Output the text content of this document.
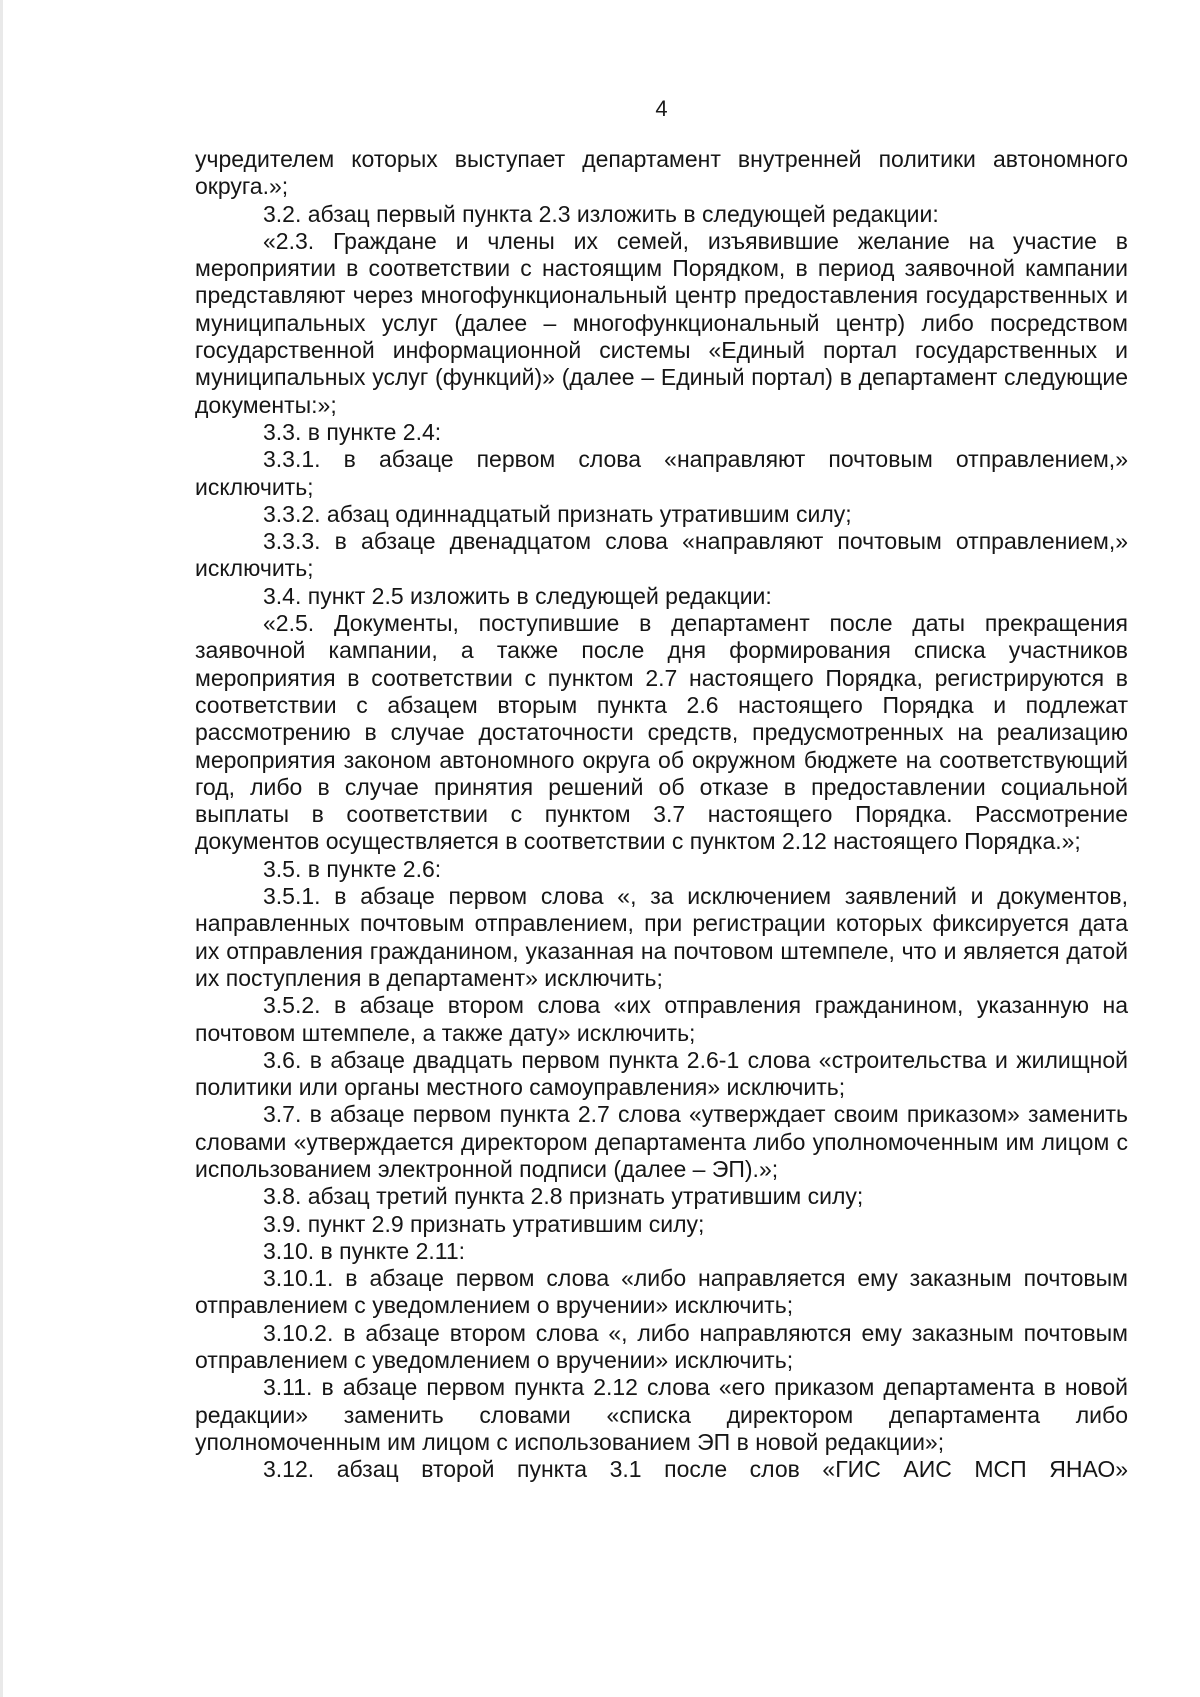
4

учредителем которых выступает департамент внутренней политики автономного округа.»;

3.2. абзац первый пункта 2.3 изложить в следующей редакции:

«2.3. Граждане и члены их семей, изъявившие желание на участие в мероприятии в соответствии с настоящим Порядком, в период заявочной кампании представляют через многофункциональный центр предоставления государственных и муниципальных услуг (далее – многофункциональный центр) либо посредством государственной информационной системы «Единый портал государственных и муниципальных услуг (функций)» (далее – Единый портал) в департамент следующие документы:»;

3.3. в пункте 2.4:

3.3.1. в абзаце первом слова «направляют почтовым отправлением,» исключить;

3.3.2. абзац одиннадцатый признать утратившим силу;

3.3.3. в абзаце двенадцатом слова «направляют почтовым отправлением,» исключить;

3.4. пункт 2.5 изложить в следующей редакции:

«2.5. Документы, поступившие в департамент после даты прекращения заявочной кампании, а также после дня формирования списка участников мероприятия в соответствии с пунктом 2.7 настоящего Порядка, регистрируются в соответствии с абзацем вторым пункта 2.6 настоящего Порядка и подлежат рассмотрению в случае достаточности средств, предусмотренных на реализацию мероприятия законом автономного округа об окружном бюджете на соответствующий год, либо в случае принятия решений об отказе в предоставлении социальной выплаты в соответствии с пунктом 3.7 настоящего Порядка. Рассмотрение документов осуществляется в соответствии с пунктом 2.12 настоящего Порядка.»;

3.5. в пункте 2.6:

3.5.1. в абзаце первом слова «, за исключением заявлений и документов, направленных почтовым отправлением, при регистрации которых фиксируется дата их отправления гражданином, указанная на почтовом штемпеле, что и является датой их поступления в департамент» исключить;

3.5.2. в абзаце втором слова «их отправления гражданином, указанную на почтовом штемпеле, а также дату» исключить;

3.6. в абзаце двадцать первом пункта 2.6-1 слова «строительства и жилищной политики или органы местного самоуправления» исключить;

3.7. в абзаце первом пункта 2.7 слова «утверждает своим приказом» заменить словами «утверждается директором департамента либо уполномоченным им лицом с использованием электронной подписи (далее – ЭП).»;

3.8. абзац третий пункта 2.8 признать утратившим силу;

3.9. пункт 2.9 признать утратившим силу;

3.10. в пункте 2.11:

3.10.1. в абзаце первом слова «либо направляется ему заказным почтовым отправлением с уведомлением о вручении» исключить;

3.10.2. в абзаце втором слова «, либо направляются ему заказным почтовым отправлением с уведомлением о вручении» исключить;

3.11. в абзаце первом пункта 2.12 слова «его приказом департамента в новой редакции» заменить словами «списка директором департамента либо уполномоченным им лицом с использованием ЭП в новой редакции»;

3.12. абзац второй пункта 3.1 после слов «ГИС АИС МСП ЯНАО»
